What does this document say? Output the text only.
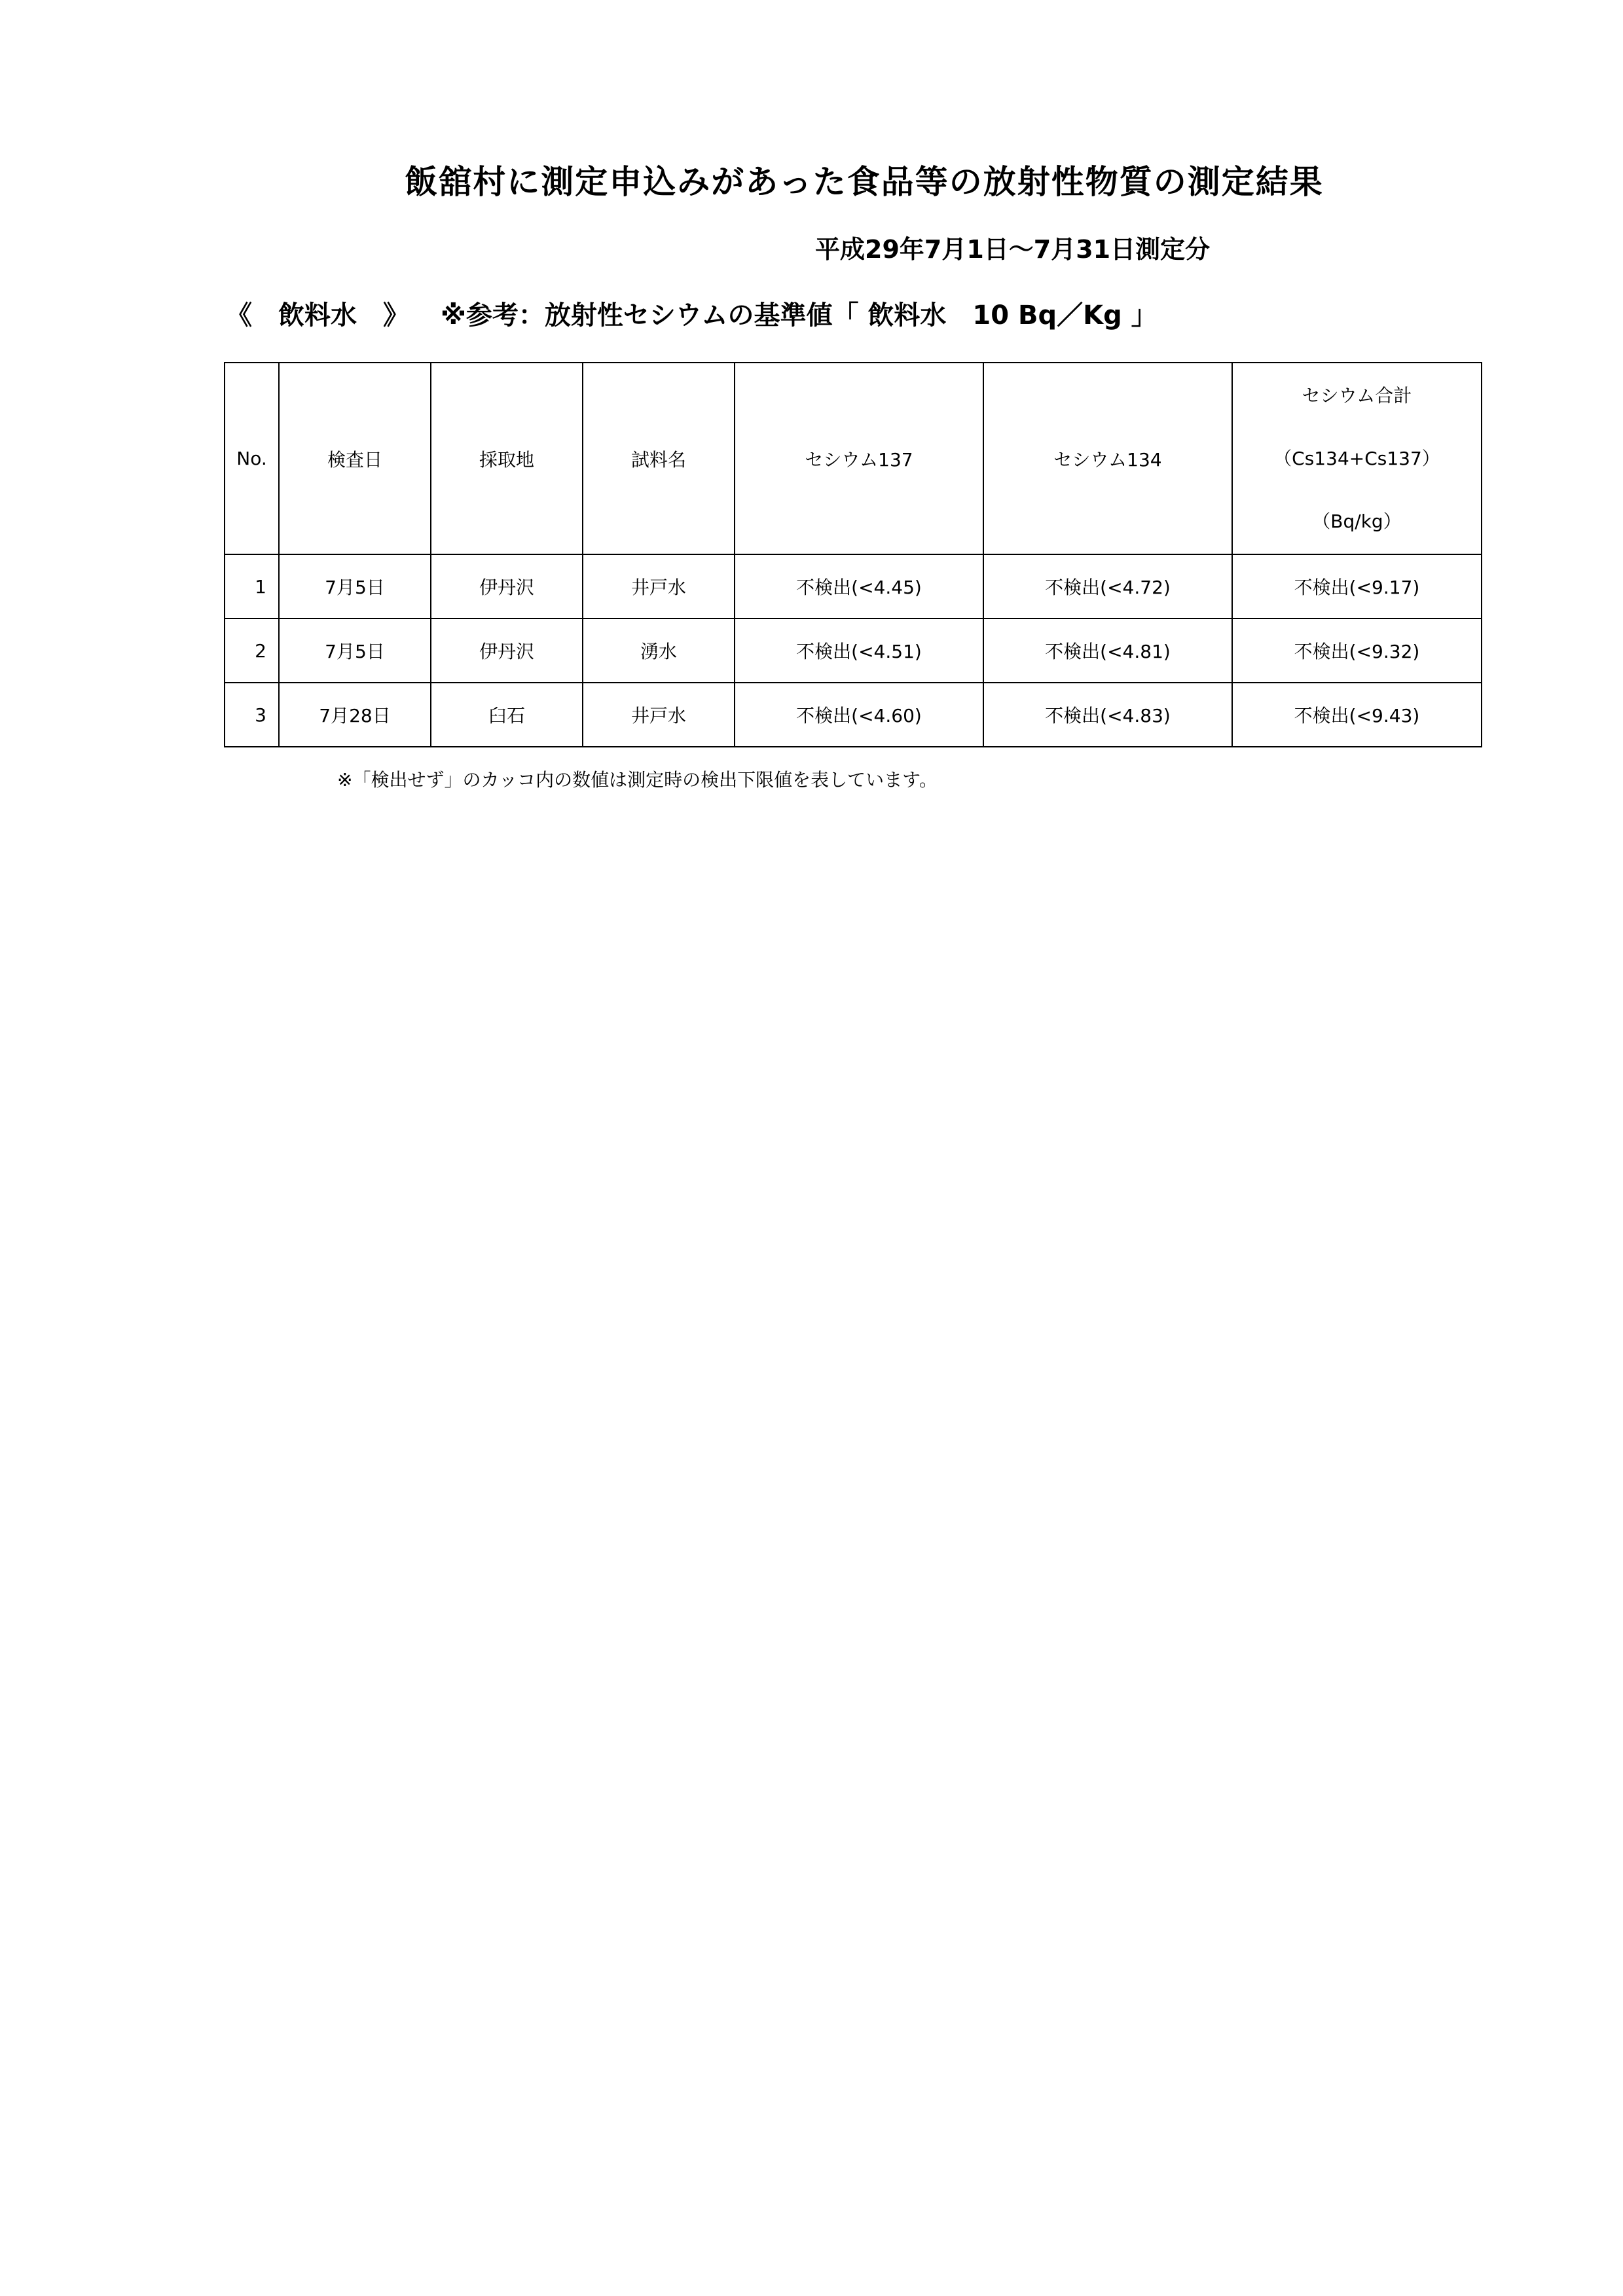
飯舘村に測定申込みがあった食品等の放射性物質の測定結果
平成29年7月1日～7月31日測定分
《　飲料水　》 ※参考：放射性セシウムの基準値「 飲料水　10 Bq／Kg 」
No.	検査日	採取地	試料名	セシウム137	セシウム134	セシウム合計
（Cs134+Cs137）
（Bq/kg）

1	7月5日	伊丹沢	井戸水	不検出(<4.45)	不検出(<4.72)	不検出(<9.17)
2	7月5日	伊丹沢	湧水	不検出(<4.51)	不検出(<4.81)	不検出(<9.32)
3	7月28日	臼石	井戸水	不検出(<4.60)	不検出(<4.83)	不検出(<9.43)
※「検出せず」のカッコ内の数値は測定時の検出下限値を表しています。
